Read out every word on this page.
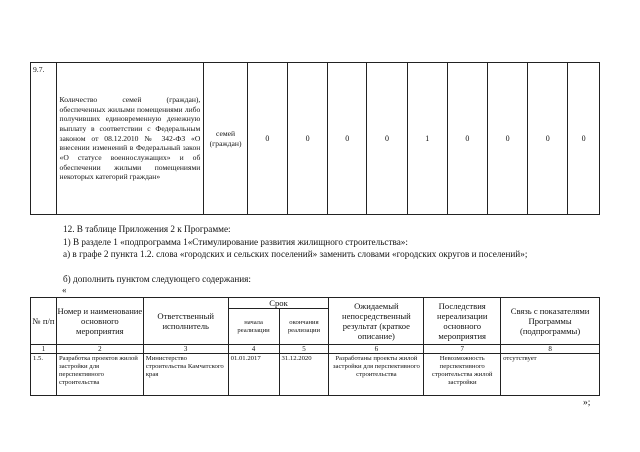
9.7.	Количество семей (граждан), обеспеченных жилыми помещениями либо получивших единовременную денежную выплату в соответствии с Федеральным законом от 08.12.2010 № 342-ФЗ «О внесении изменений в Федеральный закон «О статусе военнослужащих» и об обеспечении жилыми помещениями некоторых категорий граждан»	семей (граждан)	0	0	0	0	1	0	0	0	0
12. В таблице Приложения 2 к Программе:
1) В разделе 1 «подпрограмма 1«Стимулирование развития жилищного строительства»:
а) в графе 2 пункта 1.2. слова «городских и сельских поселений» заменить словами «городских округов и поселений»;
б) дополнить пунктом следующего содержания:
«
№ п/п	Номер и наименование основного мероприятия	Ответственный исполнитель	Срок		Ожидаемый непосредственный результат (краткое описание)	Последствия нереализации основного мероприятия	Связь с показателями Программы (подпрограммы)
			начала реализации	окончания реализации			
1	2	3	4	5	6	7	8
1.5.	Разработка проектов жилой застройки для перспективного строительства	Министерство строительства Камчатского края	01.01.2017	31.12.2020	Разработаны проекты жилой застройки для перспективного строительства	Невозможность перспективного строительства жилой застройки	отсутствует
»;
